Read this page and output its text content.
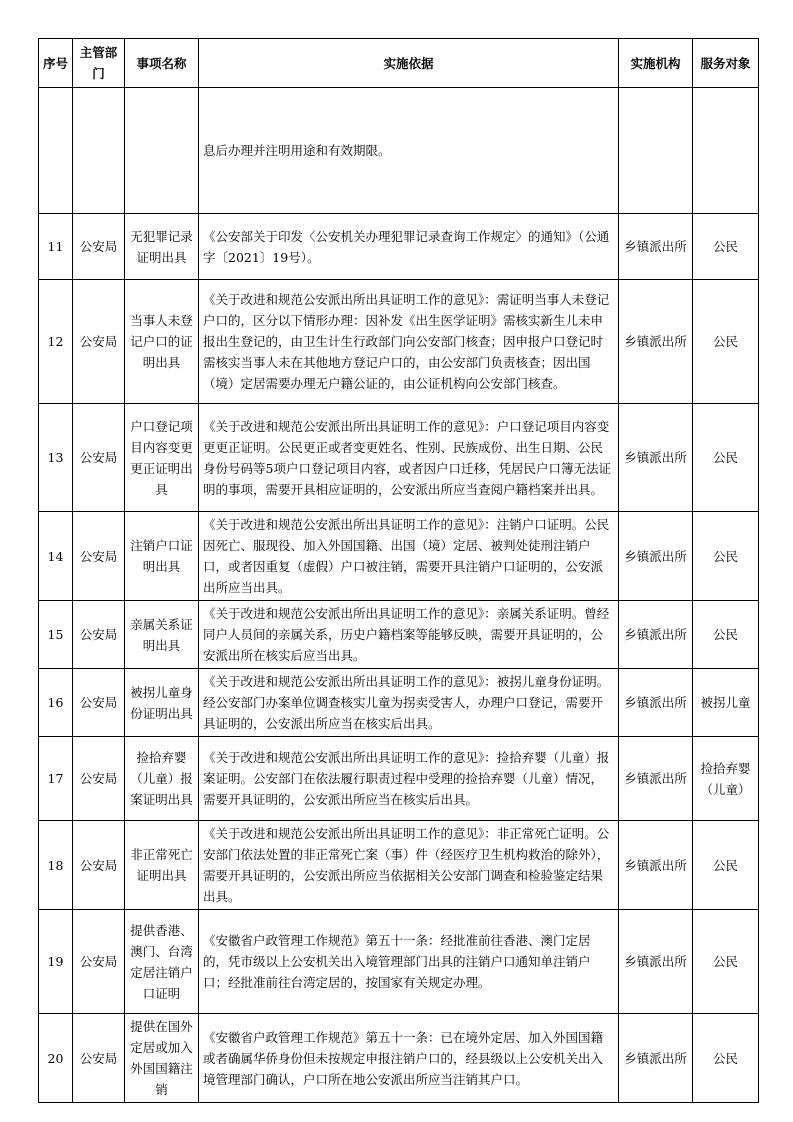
序号	主管部门	事项名称	实施依据	实施机构	服务对象
			息后办理并注明用途和有效期限。		
11	公安局	无犯罪记录证明出具	《公安部关于印发〈公安机关办理犯罪记录查询工作规定〉的通知》（公通字〔2021〕19号）。	乡镇派出所	公民
12	公安局	当事人未登记户口的证明出具	《关于改进和规范公安派出所出具证明工作的意见》：需证明当事人未登记户口的，区分以下情形办理：因补发《出生医学证明》需核实新生儿未申报出生登记的，由卫生计生行政部门向公安部门核查；因申报户口登记时需核实当事人未在其他地方登记户口的，由公安部门负责核查；因出国（境）定居需要办理无户籍公证的，由公证机构向公安部门核查。	乡镇派出所	公民
13	公安局	户口登记项目内容变更更正证明出具	《关于改进和规范公安派出所出具证明工作的意见》：户口登记项目内容变更更正证明。公民更正或者变更姓名、性别、民族成份、出生日期、公民身份号码等5项户口登记项目内容，或者因户口迁移，凭居民户口簿无法证明的事项，需要开具相应证明的，公安派出所应当查阅户籍档案并出具。	乡镇派出所	公民
14	公安局	注销户口证明出具	《关于改进和规范公安派出所出具证明工作的意见》：注销户口证明。公民因死亡、服现役、加入外国国籍、出国（境）定居、被判处徒刑注销户口，或者因重复（虚假）户口被注销，需要开具注销户口证明的，公安派出所应当出具。	乡镇派出所	公民
15	公安局	亲属关系证明出具	《关于改进和规范公安派出所出具证明工作的意见》：亲属关系证明。曾经同户人员间的亲属关系，历史户籍档案等能够反映，需要开具证明的，公安派出所在核实后应当出具。	乡镇派出所	公民
16	公安局	被拐儿童身份证明出具	《关于改进和规范公安派出所出具证明工作的意见》：被拐儿童身份证明。经公安部门办案单位调查核实儿童为拐卖受害人，办理户口登记，需要开具证明的，公安派出所应当在核实后出具。	乡镇派出所	被拐儿童
17	公安局	捡拾弃婴（儿童）报案证明出具	《关于改进和规范公安派出所出具证明工作的意见》：捡拾弃婴（儿童）报案证明。公安部门在依法履行职责过程中受理的捡拾弃婴（儿童）情况，需要开具证明的，公安派出所应当在核实后出具。	乡镇派出所	捡拾弃婴（儿童）
18	公安局	非正常死亡证明出具	《关于改进和规范公安派出所出具证明工作的意见》：非正常死亡证明。公安部门依法处置的非正常死亡案（事）件（经医疗卫生机构救治的除外），需要开具证明的，公安派出所应当依据相关公安部门调查和检验鉴定结果出具。	乡镇派出所	公民
19	公安局	提供香港、澳门、台湾定居注销户口证明	《安徽省户政管理工作规范》第五十一条：经批准前往香港、澳门定居的，凭市级以上公安机关出入境管理部门出具的注销户口通知单注销户口；经批准前往台湾定居的，按国家有关规定办理。	乡镇派出所	公民
20	公安局	提供在国外定居或加入外国国籍注销	《安徽省户政管理工作规范》第五十一条：已在境外定居、加入外国国籍或者确属华侨身份但未按规定申报注销户口的，经县级以上公安机关出入境管理部门确认，户口所在地公安派出所应当注销其户口。	乡镇派出所	公民
